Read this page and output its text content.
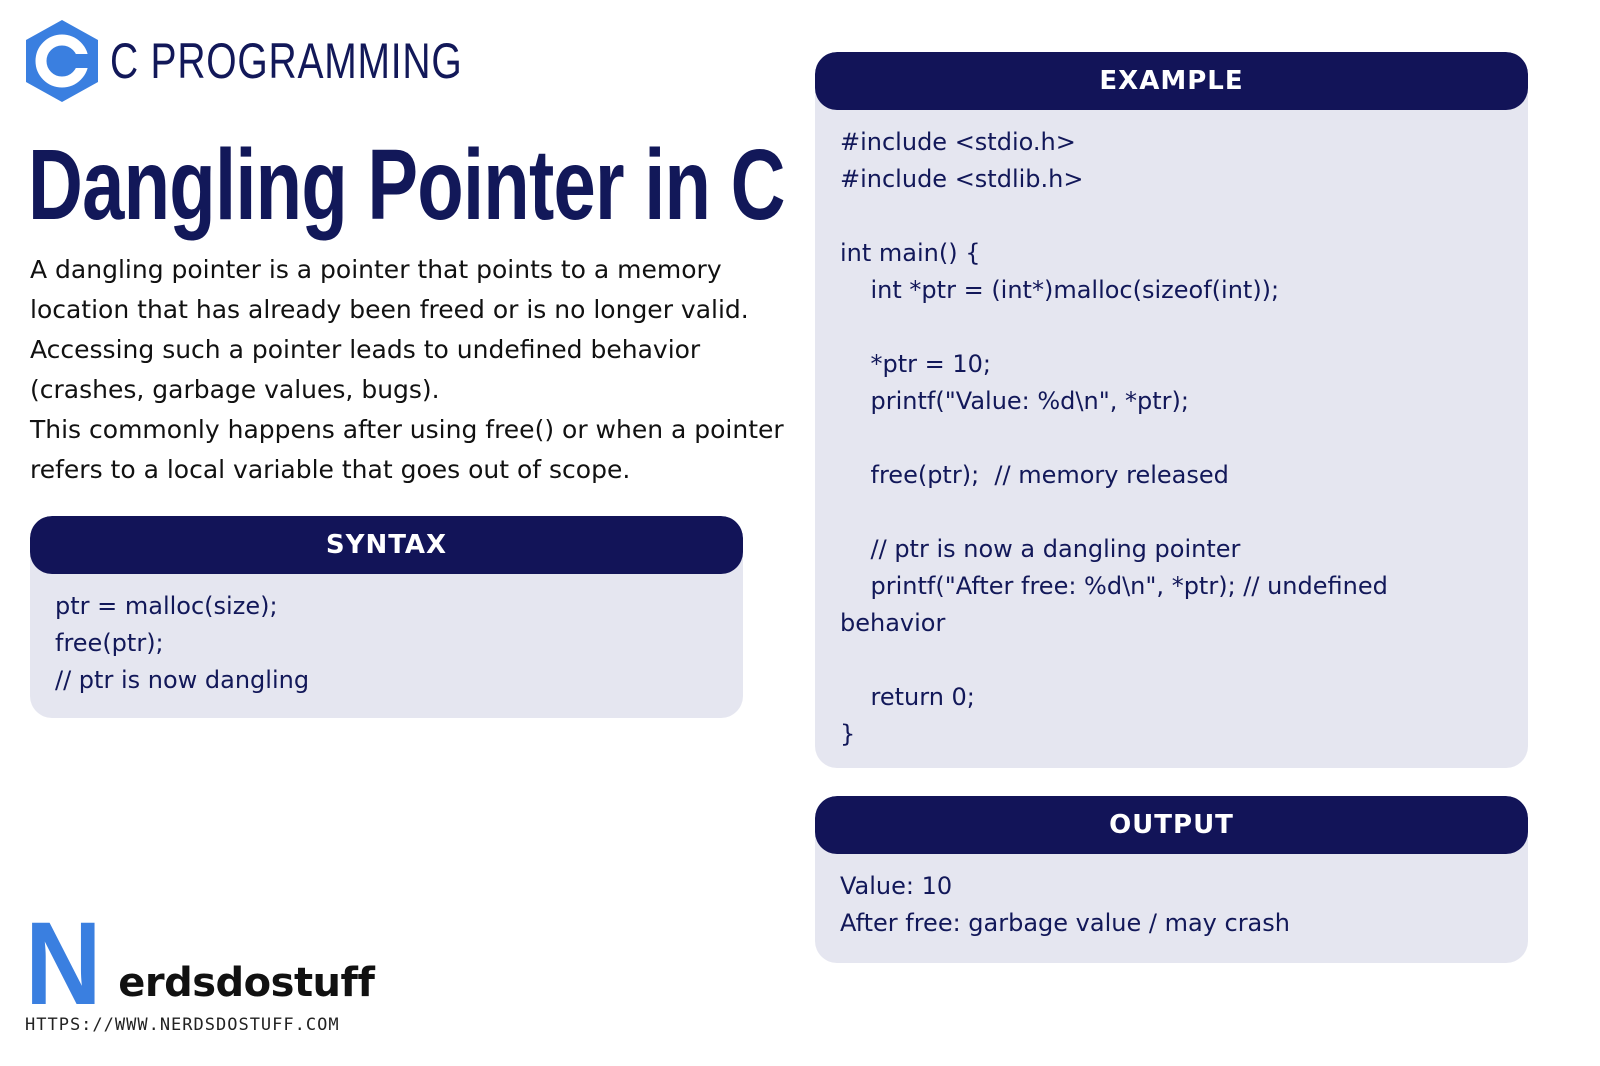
C PROGRAMMING
Dangling Pointer in C

A dangling pointer is a pointer that points to a memory location that has already been freed or is no longer valid. Accessing such a pointer leads to undefined behavior (crashes, garbage values, bugs).

This commonly happens after using free() or when a pointer refers to a local variable that goes out of scope.

SYNTAX
ptr = malloc(size);
free(ptr);
// ptr is now dangling
EXAMPLE
#include <stdio.h>
#include <stdlib.h>
int main() {
int *ptr = (int*)malloc(sizeof(int));
*ptr = 10;
printf("Value: %d\n", *ptr);
free(ptr);  // memory released
// ptr is now a dangling pointer
printf("After free: %d\n", *ptr); // undefined
behavior
return 0;
}
OUTPUT
Value: 10
After free: garbage value / may crash
N erdsdostuff
HTTPS://WWW.NERDSDOSTUFF.COM
